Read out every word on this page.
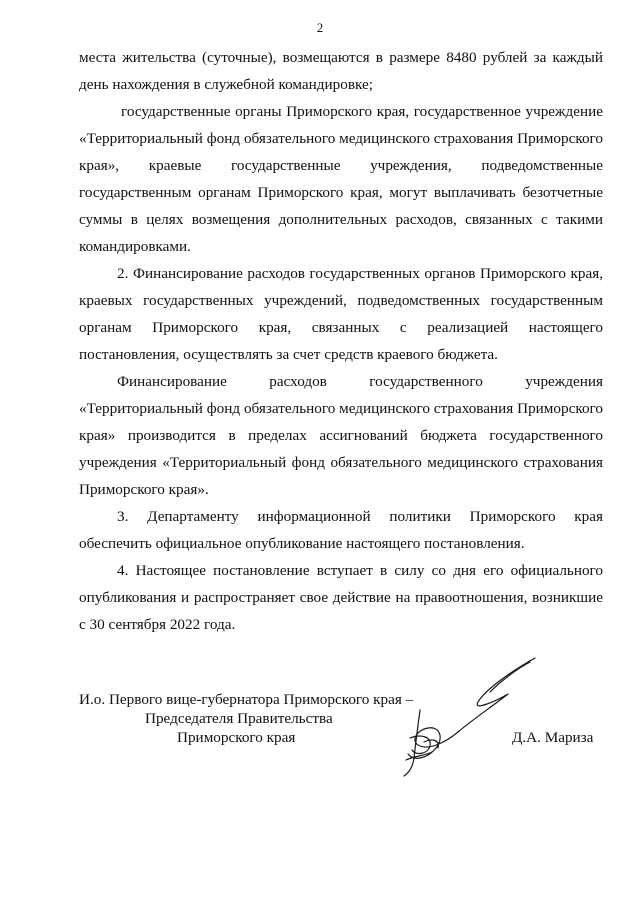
2

места жительства (суточные), возмещаются в размере 8480 рублей за каждый день нахождения в служебной командировке;

государственные органы Приморского края, государственное учреждение «Территориальный фонд обязательного медицинского страхования Приморского края», краевые государственные учреждения, подведомственные государственным органам Приморского края, могут выплачивать безотчетные суммы в целях возмещения дополнительных расходов, связанных с такими командировками.

2. Финансирование расходов государственных органов Приморского края, краевых государственных учреждений, подведомственных государственным органам Приморского края, связанных с реализацией настоящего постановления, осуществлять за счет средств краевого бюджета.

Финансирование расходов государственного учреждения «Территориальный фонд обязательного медицинского страхования Приморского края» производится в пределах ассигнований бюджета государственного учреждения «Территориальный фонд обязательного медицинского страхования Приморского края».

3. Департаменту информационной политики Приморского края обеспечить официальное опубликование настоящего постановления.

4. Настоящее постановление вступает в силу со дня его официального опубликования и распространяет свое действие на правоотношения, возникшие с 30 сентября 2022 года.

И.о. Первого вице-губернатора Приморского края –
Председателя Правительства
Приморского края	Д.А. Мариза
